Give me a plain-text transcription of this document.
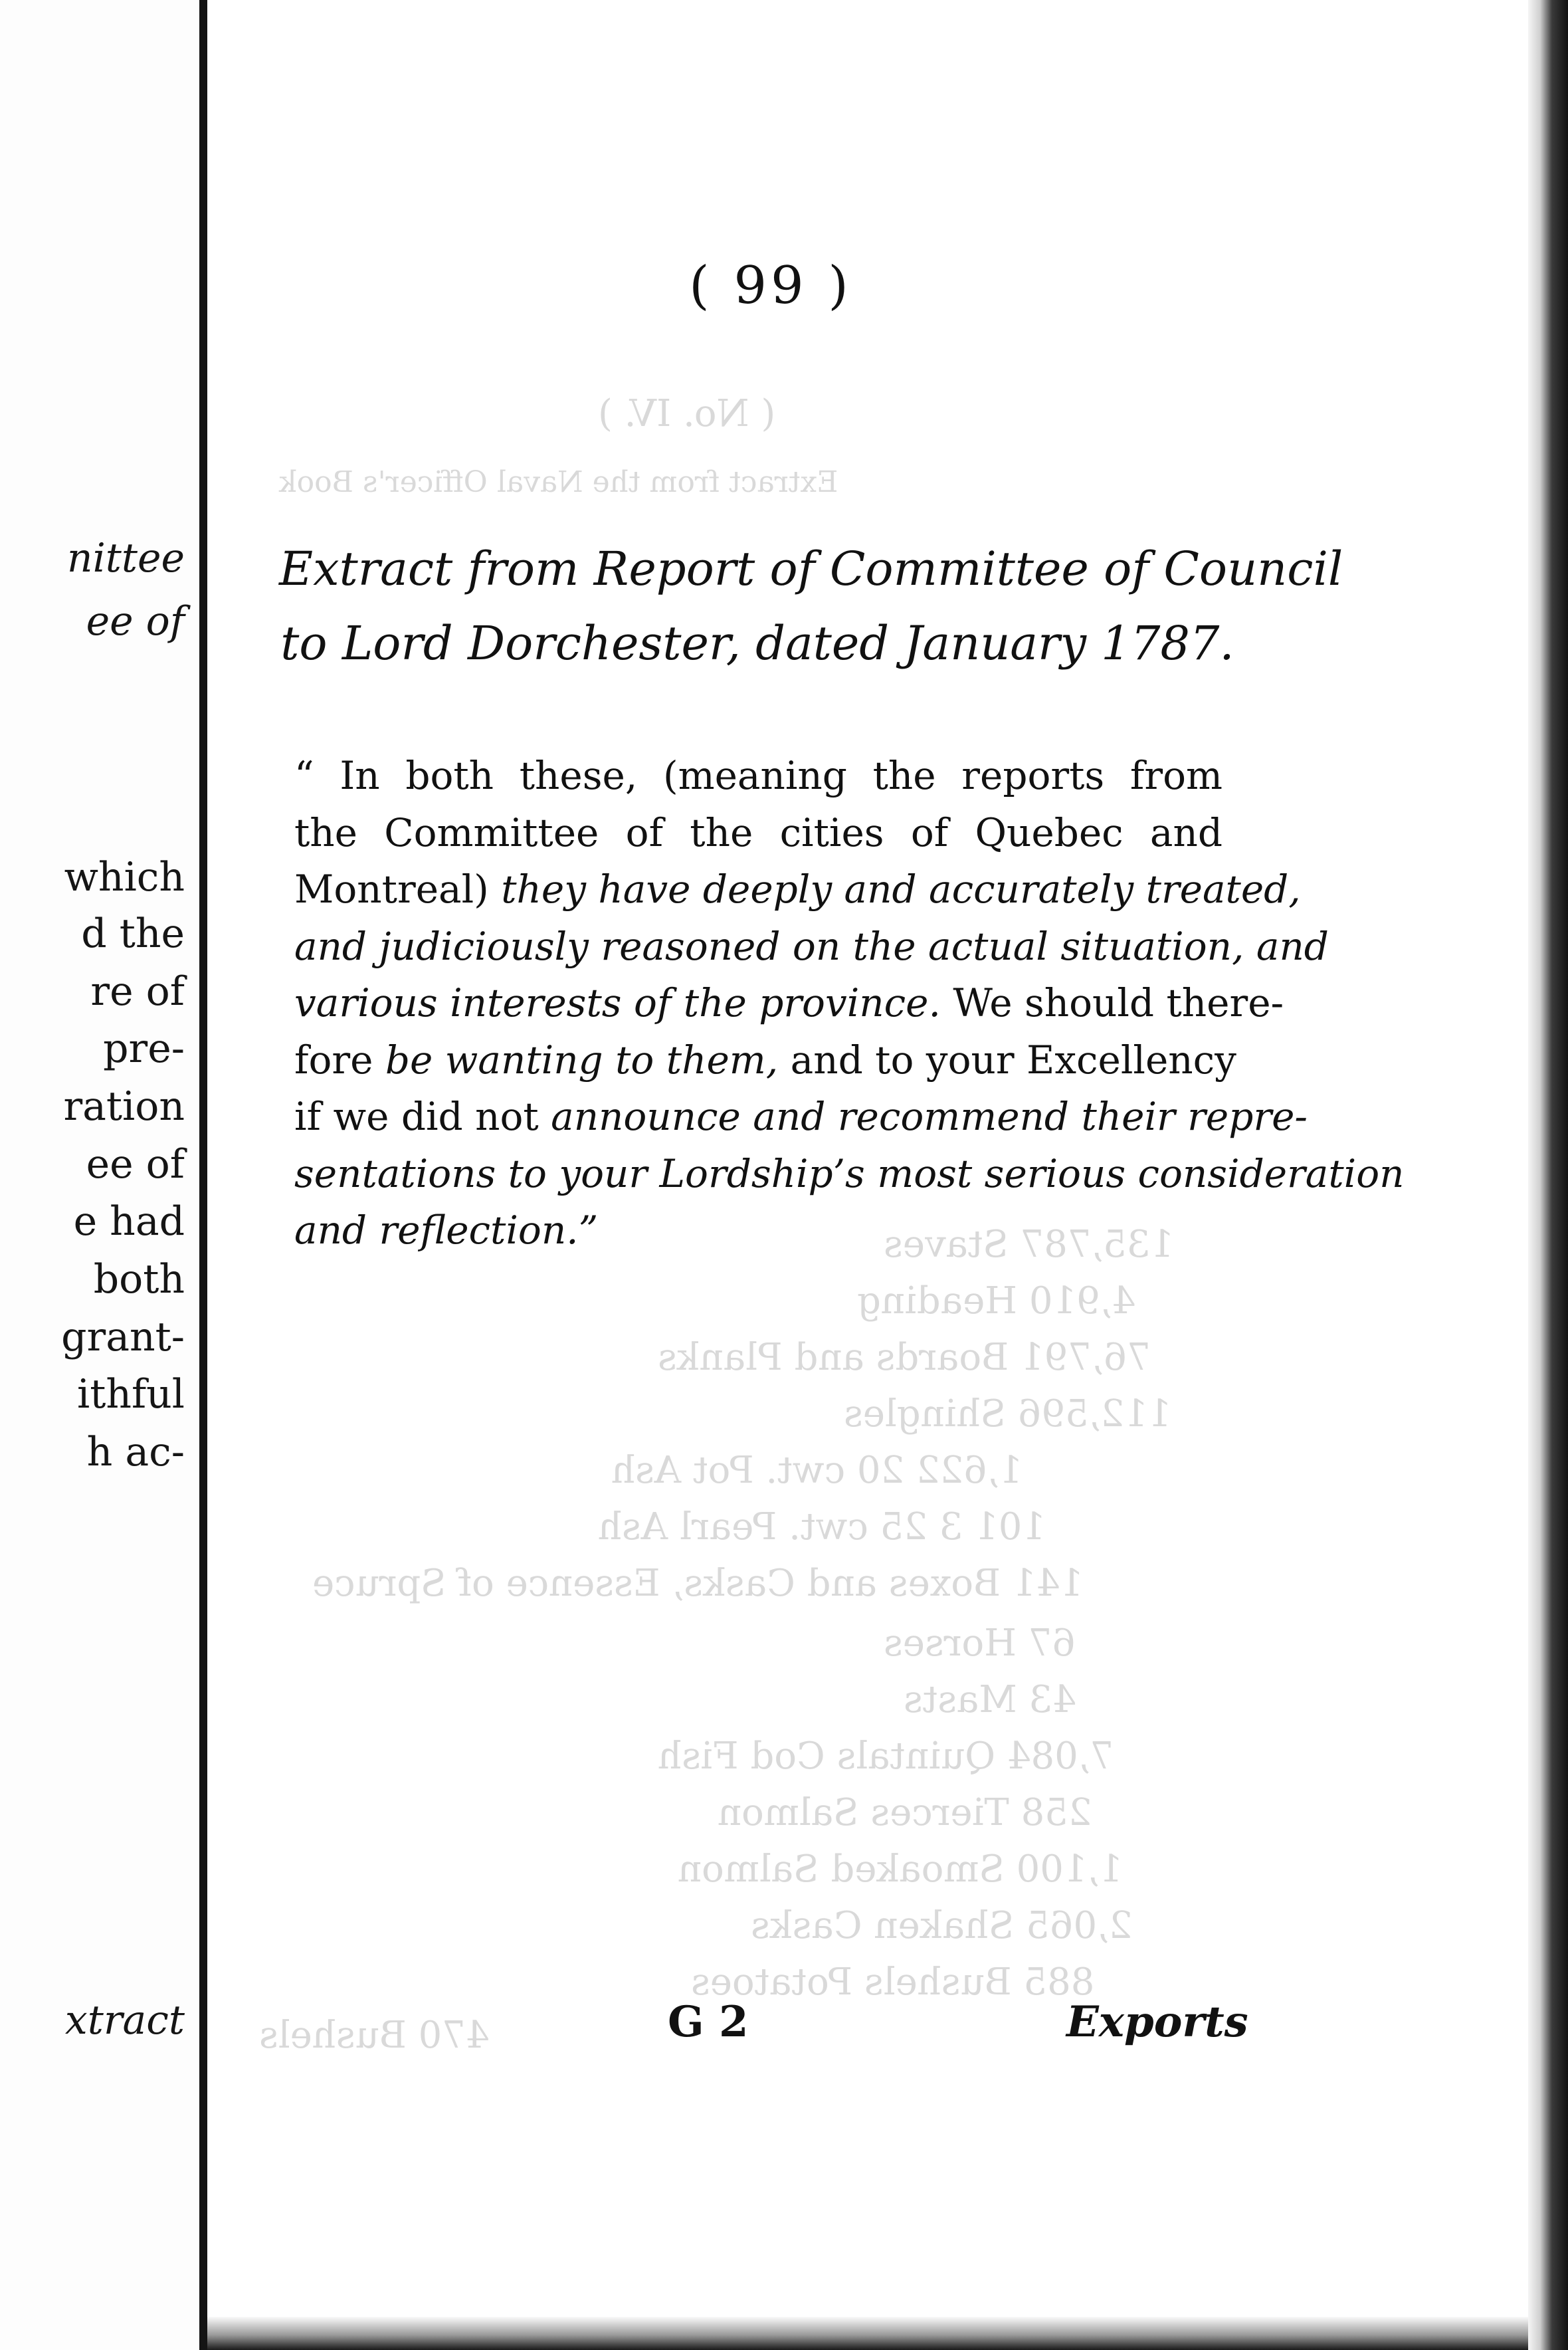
nittee
ee of
which
d the
re of
pre-
ration
ee of
e had
both
grant-
ithful
h ac-
xtract
( No. IV. )
Extract from the Naval Officer's Book
135,787 Staves
4,910 Heading
76,791 Boards and Planks
112,596 Shingles
1,622 20 cwt. Pot Ash
101 3 25 cwt. Pearl Ash
141 Boxes and Casks, Essence of Spruce
67 Horses
43 Masts
7,084 Quintals Cod Fish
258 Tierces Salmon
1,100 Smoaked Salmon
2,065 Shaken Casks
885 Bushels Potatoes
470 Bushels
( 99 )
Extract from Report of Committee of Council
to Lord Dorchester, dated January 1787.
“ In both these, (meaning the reports from
the Committee of the cities of Quebec and
Montreal) they have deeply and accurately treated,
and judiciously reasoned on the actual situation, and
various interests of the province. We should there-
fore be wanting to them, and to your Excellency
if we did not announce and recommend their repre-
sentations to your Lordship’s most serious consideration
and reflection.”
G 2	Exports
